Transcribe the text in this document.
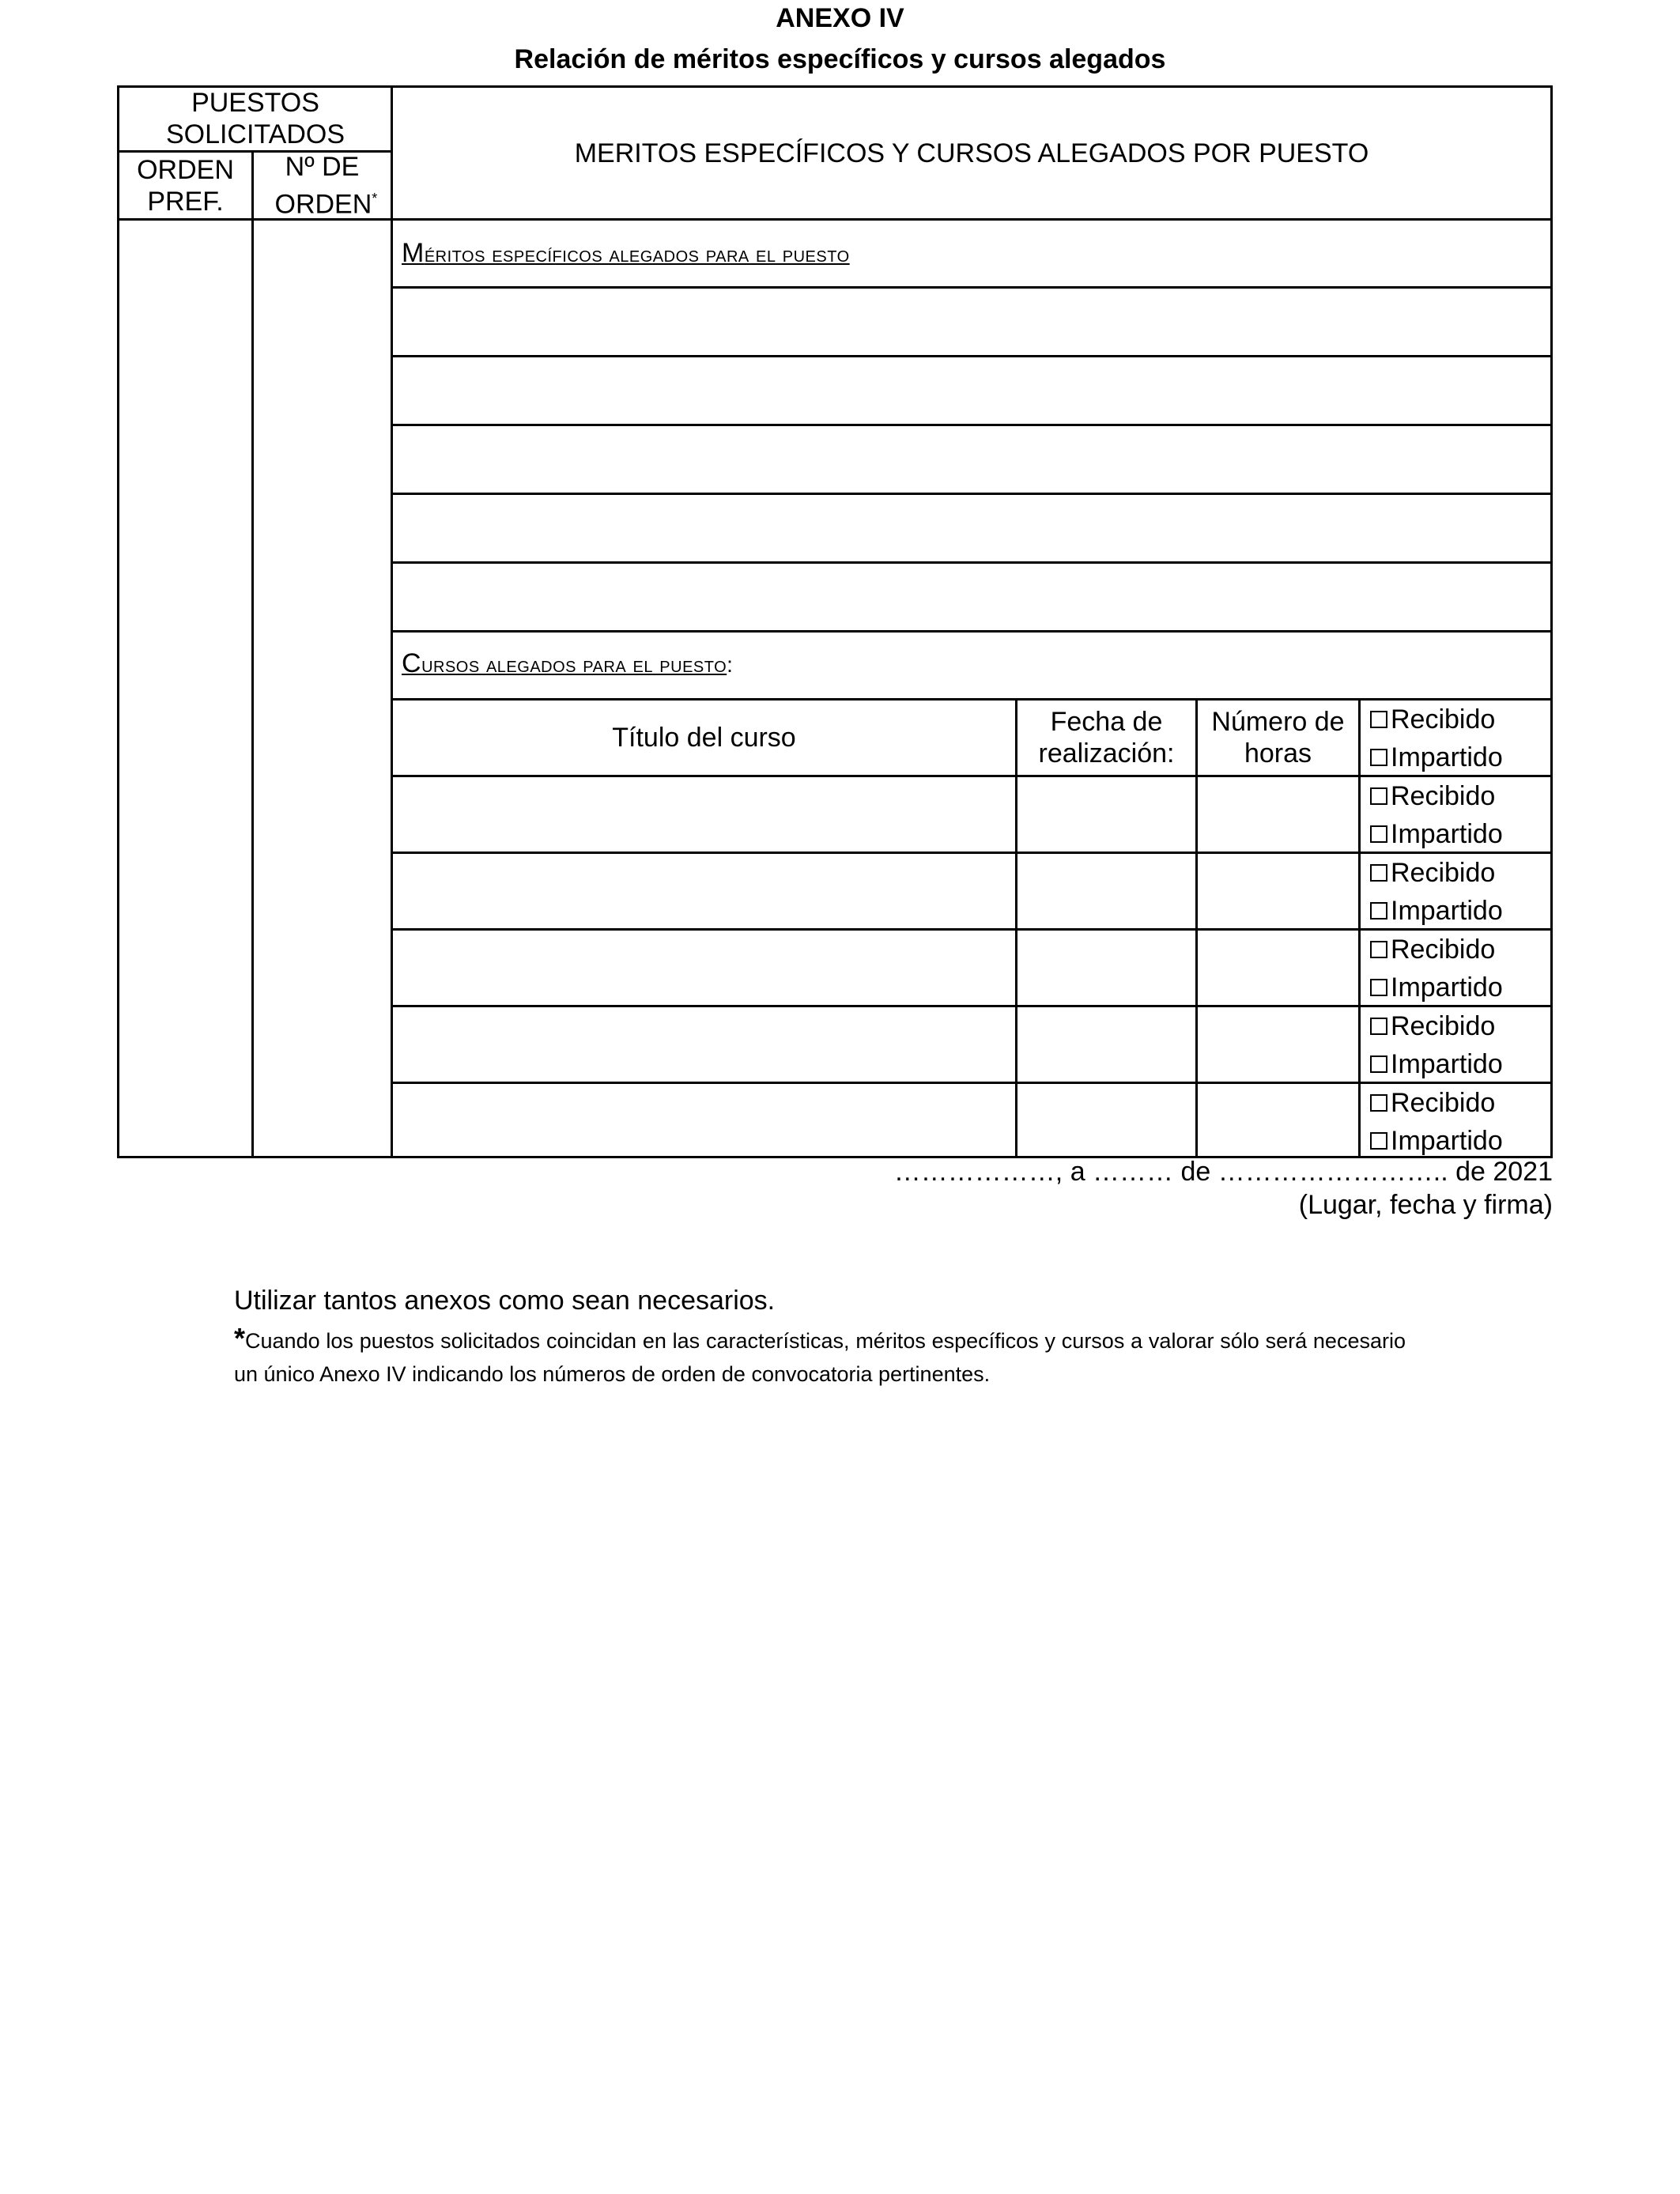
ANEXO IV
Relación de méritos específicos y cursos alegados
PUESTOS SOLICITADOS
ORDEN PREF.
Nº DE ORDEN*
MERITOS ESPECÍFICOS Y CURSOS ALEGADOS POR PUESTO
Méritos específicos alegados para el puesto
Cursos alegados para el puesto:
Título del curso
Fecha de realización:
Número de horas
Recibido
Impartido
Recibido
Impartido
Recibido
Impartido
Recibido
Impartido
Recibido
Impartido
Recibido
Impartido
………………, a ……… de …………………….. de 2021
(Lugar, fecha y firma)
Utilizar tantos anexos como sean necesarios.
*Cuando los puestos solicitados coincidan en las características, méritos específicos y cursos a valorar sólo será necesario un único Anexo IV indicando los números de orden de convocatoria pertinentes.
